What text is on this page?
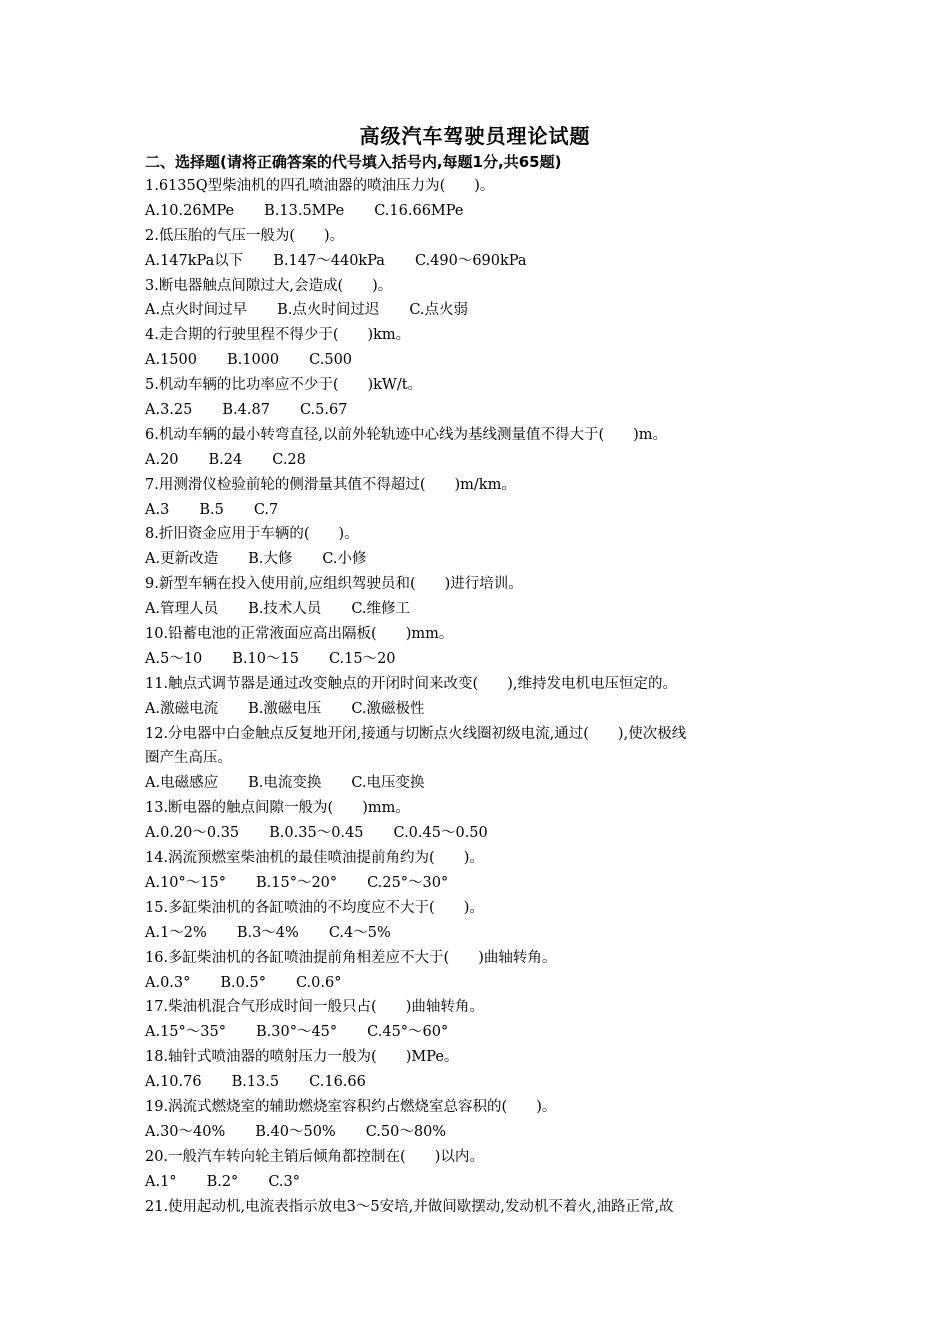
高级汽车驾驶员理论试题
二、选择题(请将正确答案的代号填入括号内,每题1分,共65题)
1.6135Q型柴油机的四孔喷油器的喷油压力为(　　)。
A.10.26MPe B.13.5MPe C.16.66MPe
2.低压胎的气压一般为(　　)。
A.147kPa以下 B.147～440kPa C.490～690kPa
3.断电器触点间隙过大,会造成(　　)。
A.点火时间过早 B.点火时间过迟 C.点火弱
4.走合期的行驶里程不得少于(　　)km。
A.1500 B.1000 C.500
5.机动车辆的比功率应不少于(　　)kW/t。
A.3.25 B.4.87 C.5.67
6.机动车辆的最小转弯直径,以前外轮轨迹中心线为基线测量值不得大于(　　)m。
A.20 B.24 C.28
7.用测滑仪检验前轮的侧滑量其值不得超过(　　)m/km。
A.3 B.5 C.7
8.折旧资金应用于车辆的(　　)。
A.更新改造 B.大修 C.小修
9.新型车辆在投入使用前,应组织驾驶员和(　　)进行培训。
A.管理人员 B.技术人员 C.维修工
10.铅蓄电池的正常液面应高出隔板(　　)mm。
A.5～10 B.10～15 C.15～20
11.触点式调节器是通过改变触点的开闭时间来改变(　　),维持发电机电压恒定的。
A.激磁电流 B.激磁电压 C.激磁极性
12.分电器中白金触点反复地开闭,接通与切断点火线圈初级电流,通过(　　),使次极线
圈产生高压。
A.电磁感应 B.电流变换 C.电压变换
13.断电器的触点间隙一般为(　　)mm。
A.0.20～0.35 B.0.35～0.45 C.0.45～0.50
14.涡流预燃室柴油机的最佳喷油提前角约为(　　)。
A.10°～15° B.15°～20° C.25°～30°
15.多缸柴油机的各缸喷油的不均度应不大于(　　)。
A.1～2% B.3～4% C.4～5%
16.多缸柴油机的各缸喷油提前角相差应不大于(　　)曲轴转角。
A.0.3° B.0.5° C.0.6°
17.柴油机混合气形成时间一般只占(　　)曲轴转角。
A.15°～35° B.30°～45° C.45°～60°
18.轴针式喷油器的喷射压力一般为(　　)MPe。
A.10.76 B.13.5 C.16.66
19.涡流式燃烧室的辅助燃烧室容积约占燃烧室总容积的(　　)。
A.30～40% B.40～50% C.50～80%
20.一般汽车转向轮主销后倾角都控制在(　　)以内。
A.1° B.2° C.3°
21.使用起动机,电流表指示放电3～5安培,并做间歇摆动,发动机不着火,油路正常,故
